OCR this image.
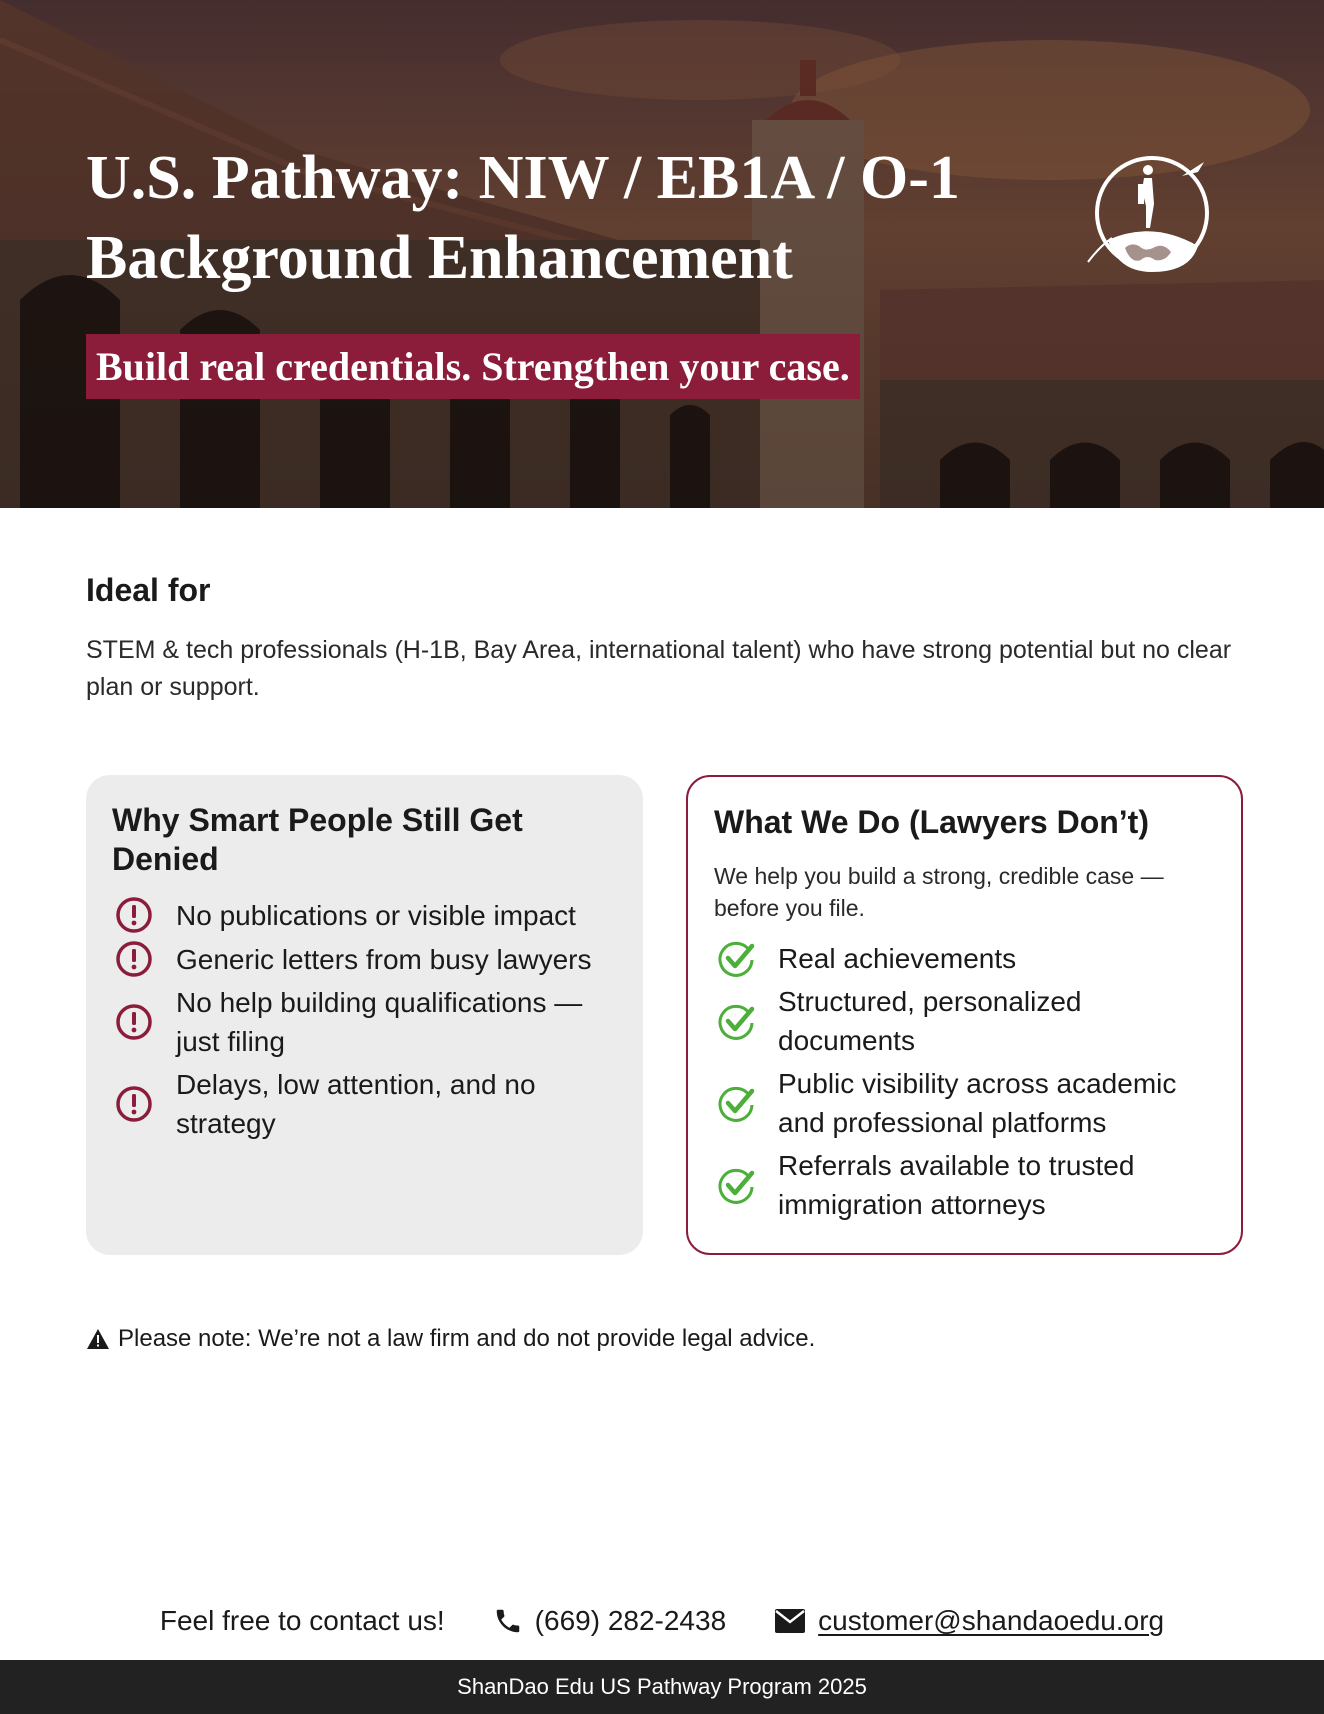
U.S. Pathway: NIW / EB1A / O-1
Background Enhancement
Build real credentials. Strengthen your case.
Ideal for
STEM & tech professionals (H-1B, Bay Area, international talent) who have strong potential but no clear plan or support.
Why Smart People Still Get Denied
No publications or visible impact
Generic letters from busy lawyers
No help building qualifications — just filing
Delays, low attention, and no strategy
What We Do (Lawyers Don’t)
We help you build a strong, credible case — before you file.
Real achievements
Structured, personalized documents
Public visibility across academic and professional platforms
Referrals available to trusted immigration attorneys
Please note: We’re not a law firm and do not provide legal advice.
Feel free to contact us!	(669) 282-2438	customer@shandaoedu.org
ShanDao Edu US Pathway Program 2025
